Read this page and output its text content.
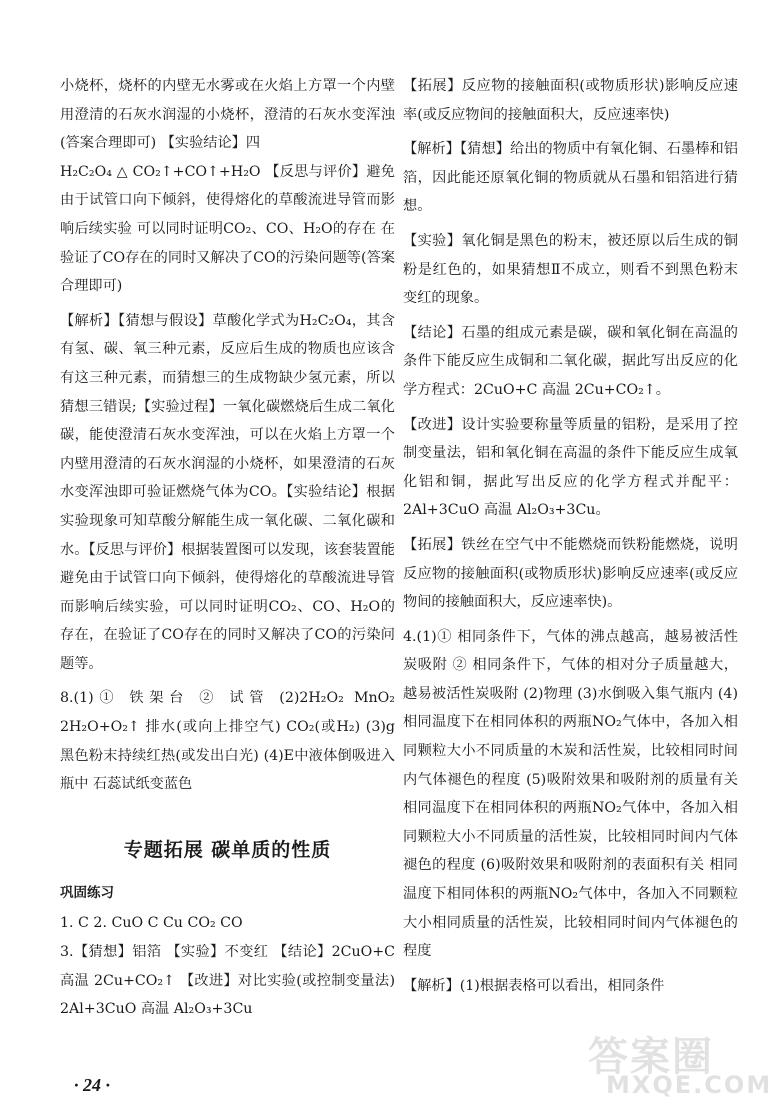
小烧杯，烧杯的内壁无水雾或在火焰上方罩一个内壁用澄清的石灰水润湿的小烧杯，澄清的石灰水变浑浊(答案合理即可) 【实验结论】四

H₂C₂O₄ △ CO₂↑+CO↑+H₂O 【反思与评价】避免由于试管口向下倾斜，使得熔化的草酸流进导管而影响后续实验 可以同时证明CO₂、CO、H₂O的存在 在验证了CO存在的同时又解决了CO的污染问题等(答案合理即可)

【解析】【猜想与假设】草酸化学式为H₂C₂O₄，其含有氢、碳、氧三种元素，反应后生成的物质也应该含有这三种元素，而猜想三的生成物缺少氢元素，所以猜想三错误;【实验过程】一氧化碳燃烧后生成二氧化碳，能使澄清石灰水变浑浊，可以在火焰上方罩一个内壁用澄清的石灰水润湿的小烧杯，如果澄清的石灰水变浑浊即可验证燃烧气体为CO。【实验结论】根据实验现象可知草酸分解能生成一氧化碳、二氧化碳和水。【反思与评价】根据装置图可以发现，该套装置能避免由于试管口向下倾斜，使得熔化的草酸流进导管而影响后续实验，可以同时证明CO₂、CO、H₂O的存在，在验证了CO存在的同时又解决了CO的污染问题等。

8.(1)① 铁架台 ② 试管 (2)2H₂O₂ MnO₂ 2H₂O+O₂↑ 排水(或向上排空气) CO₂(或H₂) (3)g 黑色粉末持续红热(或发出白光) (4)E中液体倒吸进入瓶中 石蕊试纸变蓝色

专题拓展 碳单质的性质
巩固练习

1. C 2. CuO C Cu CO₂ CO

3.【猜想】铝箔 【实验】不变红 【结论】2CuO+C 高温 2Cu+CO₂↑ 【改进】对比实验(或控制变量法) 2Al+3CuO 高温 Al₂O₃+3Cu

【拓展】反应物的接触面积(或物质形状)影响反应速率(或反应物间的接触面积大，反应速率快)

【解析】【猜想】给出的物质中有氧化铜、石墨棒和铝箔，因此能还原氧化铜的物质就从石墨和铝箔进行猜想。

【实验】氧化铜是黑色的粉末，被还原以后生成的铜粉是红色的，如果猜想Ⅱ不成立，则看不到黑色粉末变红的现象。

【结论】石墨的组成元素是碳，碳和氧化铜在高温的条件下能反应生成铜和二氧化碳，据此写出反应的化学方程式：2CuO+C 高温 2Cu+CO₂↑。

【改进】设计实验要称量等质量的铝粉，是采用了控制变量法，铝和氧化铜在高温的条件下能反应生成氧化铝和铜，据此写出反应的化学方程式并配平：2Al+3CuO 高温 Al₂O₃+3Cu。

【拓展】铁丝在空气中不能燃烧而铁粉能燃烧，说明反应物的接触面积(或物质形状)影响反应速率(或反应物间的接触面积大，反应速率快)。

4.(1)① 相同条件下，气体的沸点越高，越易被活性炭吸附 ② 相同条件下，气体的相对分子质量越大，越易被活性炭吸附 (2)物理 (3)水倒吸入集气瓶内 (4)相同温度下在相同体积的两瓶NO₂气体中，各加入相同颗粒大小不同质量的木炭和活性炭，比较相同时间内气体褪色的程度 (5)吸附效果和吸附剂的质量有关 相同温度下在相同体积的两瓶NO₂气体中，各加入相同颗粒大小不同质量的活性炭，比较相同时间内气体褪色的程度 (6)吸附效果和吸附剂的表面积有关 相同温度下相同体积的两瓶NO₂气体中，各加入不同颗粒大小相同质量的活性炭，比较相同时间内气体褪色的程度

【解析】(1)根据表格可以看出，相同条件

· 24 ·
答案圈
MXQE.COM
